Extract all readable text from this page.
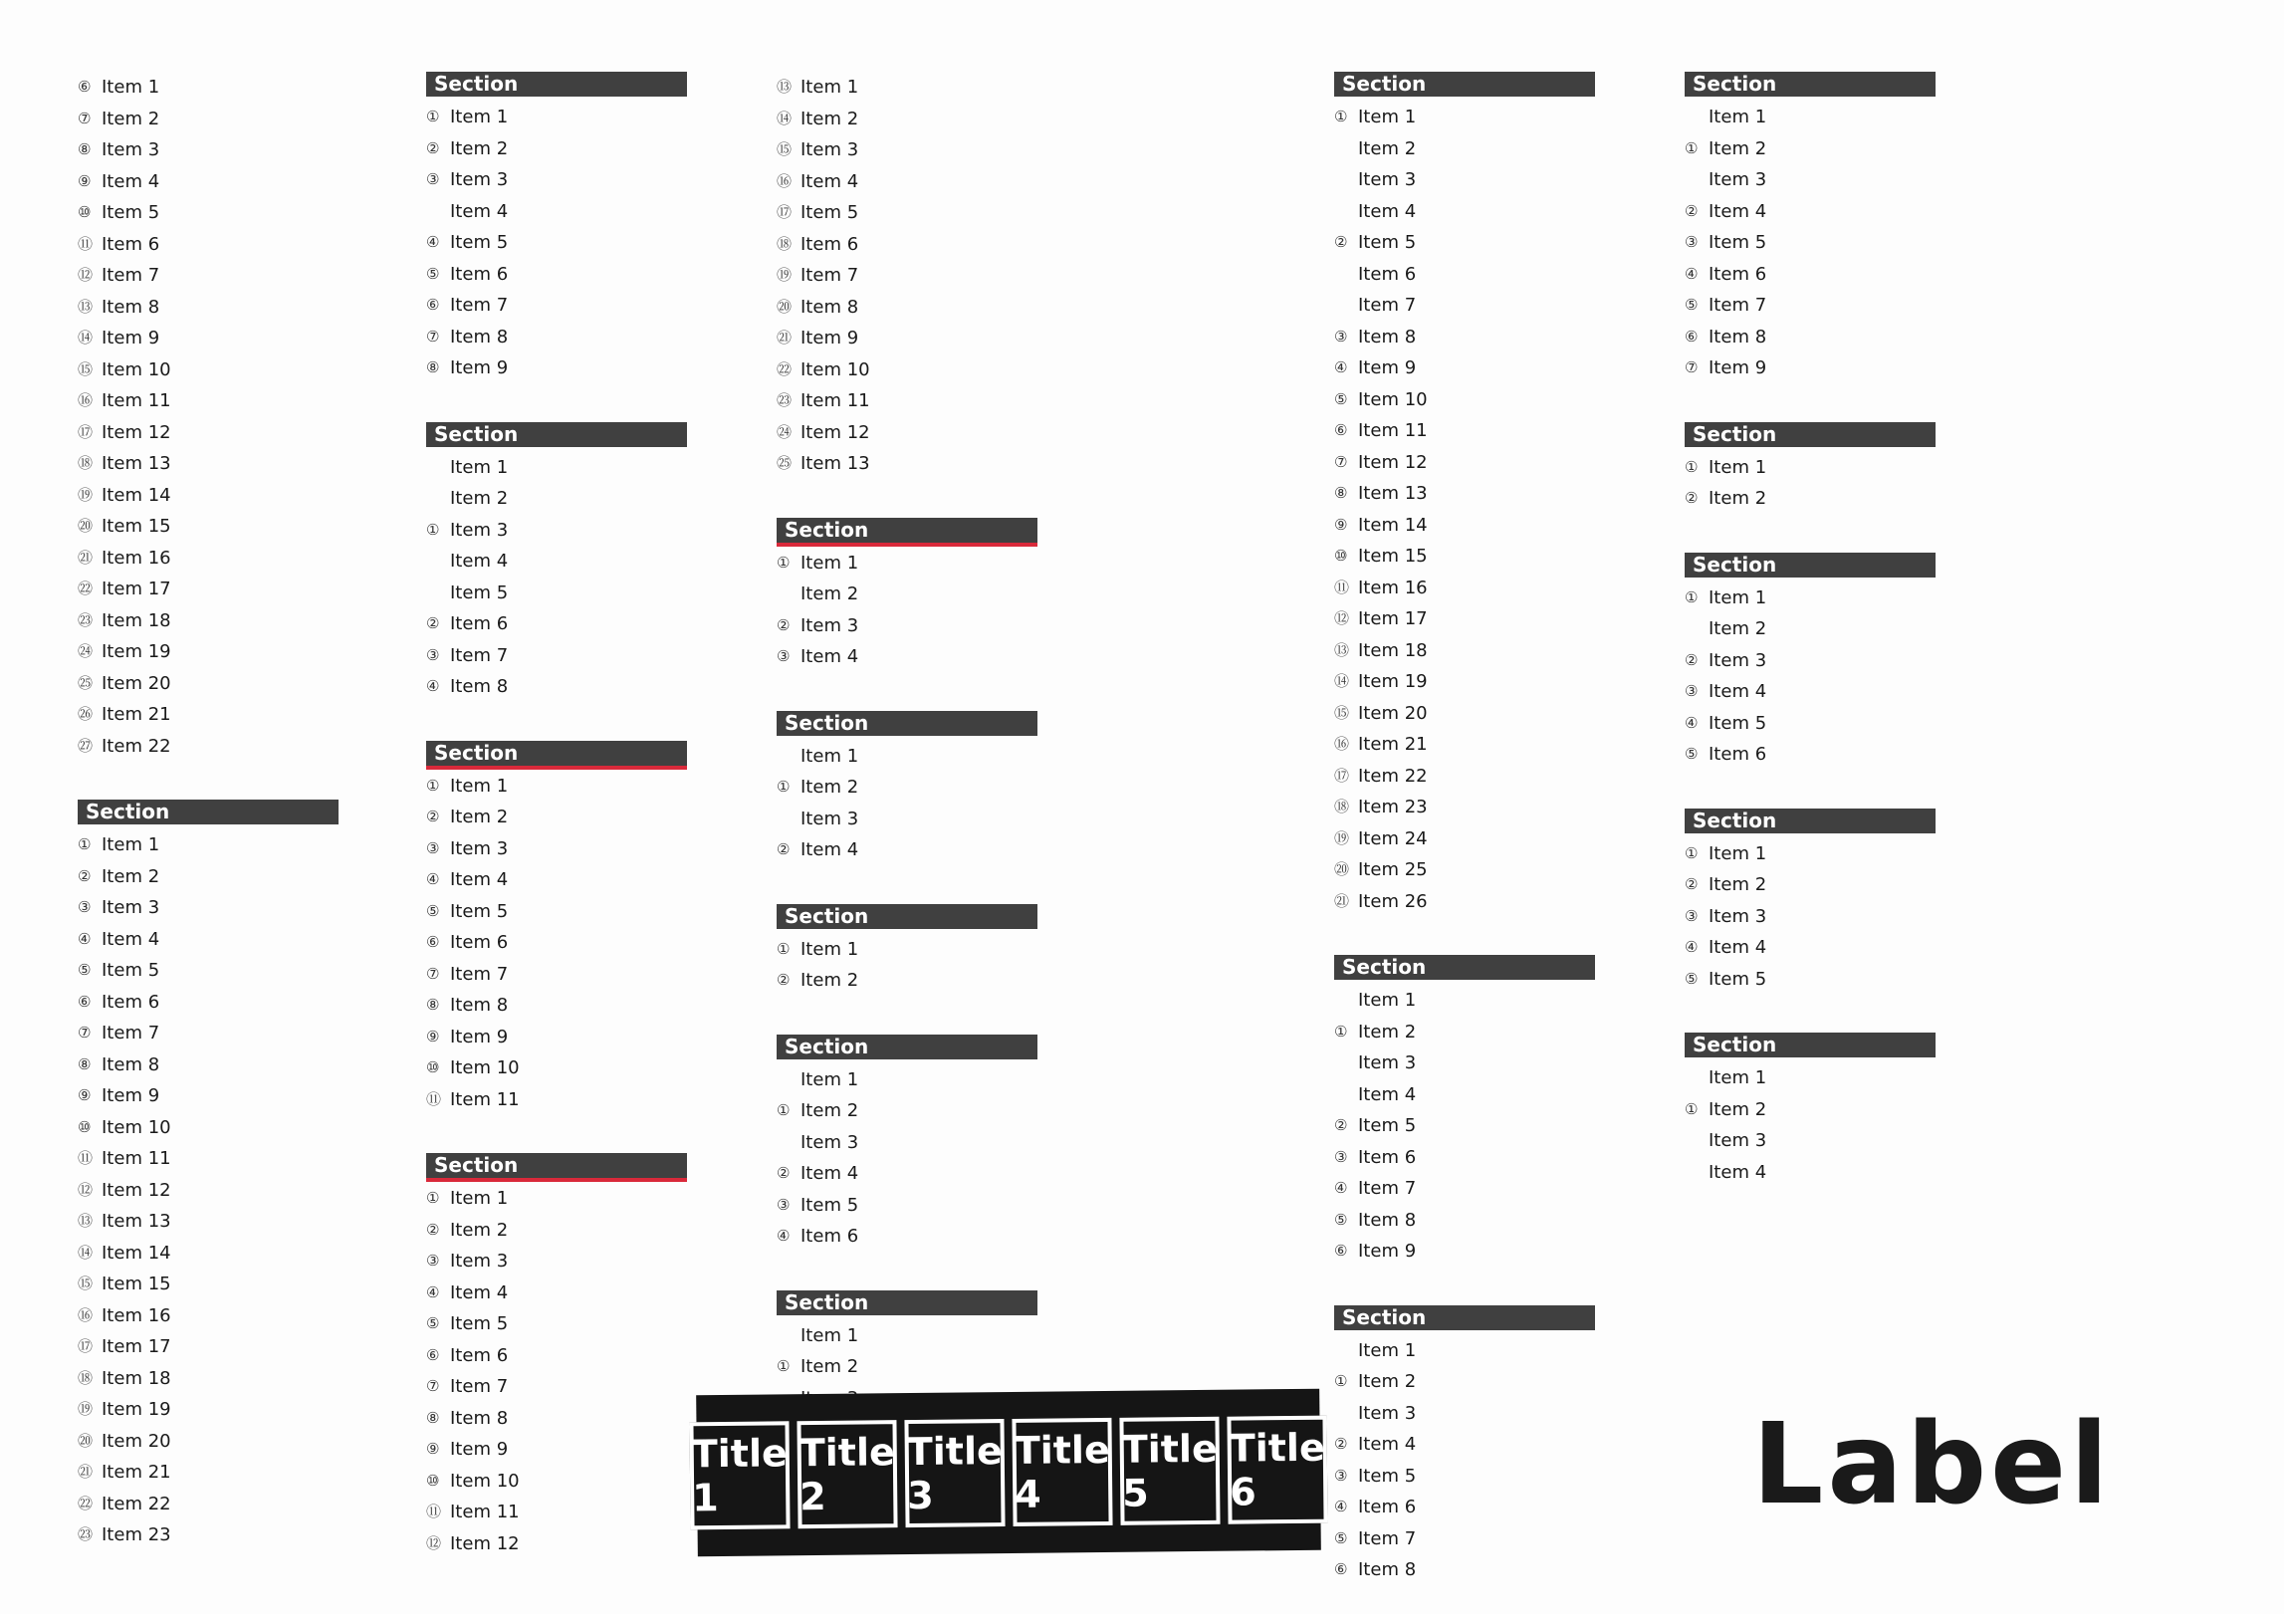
⑥ Item 1
⑦ Item 2
⑧ Item 3
⑨ Item 4
⑩ Item 5
⑪ Item 6
⑫ Item 7
⑬ Item 8
⑭ Item 9
⑮ Item 10
⑯ Item 11
⑰ Item 12
⑱ Item 13
⑲ Item 14
⑳ Item 15
㉑ Item 16
㉒ Item 17
㉓ Item 18
㉔ Item 19
㉕ Item 20
㉖ Item 21
㉗ Item 22
Section
① Item 1
② Item 2
③ Item 3
④ Item 4
⑤ Item 5
⑥ Item 6
⑦ Item 7
⑧ Item 8
⑨ Item 9
⑩ Item 10
⑪ Item 11
⑫ Item 12
⑬ Item 13
⑭ Item 14
⑮ Item 15
⑯ Item 16
⑰ Item 17
⑱ Item 18
⑲ Item 19
⑳ Item 20
㉑ Item 21
㉒ Item 22
㉓ Item 23
Section
① Item 1
② Item 2
③ Item 3
Item 4
④ Item 5
⑤ Item 6
⑥ Item 7
⑦ Item 8
⑧ Item 9
Section
Item 1
Item 2
① Item 3
Item 4
Item 5
② Item 6
③ Item 7
④ Item 8
Section
① Item 1
② Item 2
③ Item 3
④ Item 4
⑤ Item 5
⑥ Item 6
⑦ Item 7
⑧ Item 8
⑨ Item 9
⑩ Item 10
⑪ Item 11
Section
① Item 1
② Item 2
③ Item 3
④ Item 4
⑤ Item 5
⑥ Item 6
⑦ Item 7
⑧ Item 8
⑨ Item 9
⑩ Item 10
⑪ Item 11
⑫ Item 12
⑬ Item 1
⑭ Item 2
⑮ Item 3
⑯ Item 4
⑰ Item 5
⑱ Item 6
⑲ Item 7
⑳ Item 8
㉑ Item 9
㉒ Item 10
㉓ Item 11
㉔ Item 12
㉕ Item 13
Section
① Item 1
Item 2
② Item 3
③ Item 4
Section
Item 1
① Item 2
Item 3
② Item 4
Section
① Item 1
② Item 2
Section
Item 1
① Item 2
Item 3
② Item 4
③ Item 5
④ Item 6
Section
Item 1
① Item 2
Section
① Item 1
Item 2
Item 3
Item 4
② Item 5
Item 6
Item 7
③ Item 8
④ Item 9
⑤ Item 10
⑥ Item 11
⑦ Item 12
⑧ Item 13
⑨ Item 14
⑩ Item 15
⑪ Item 16
⑫ Item 17
⑬ Item 18
⑭ Item 19
⑮ Item 20
⑯ Item 21
⑰ Item 22
⑱ Item 23
⑲ Item 24
⑳ Item 25
㉑ Item 26
Section
Item 1
① Item 2
Item 3
Item 4
② Item 5
③ Item 6
④ Item 7
⑤ Item 8
⑥ Item 9
Section
Item 1
① Item 2
Item 3
② Item 4
③ Item 5
④ Item 6
⑤ Item 7
⑥ Item 8
Section
Item 1
① Item 2
Item 3
② Item 4
③ Item 5
④ Item 6
⑤ Item 7
⑥ Item 8
⑦ Item 9
Section
① Item 1
② Item 2
Section
① Item 1
Item 2
② Item 3
③ Item 4
④ Item 5
⑤ Item 6
Section
① Item 1
② Item 2
③ Item 3
④ Item 4
⑤ Item 5
Section
Item 1
① Item 2
Item 3
Item 4
Title 1
Title 2
Title 3
Title 4
Title 5
Title 6	Label
